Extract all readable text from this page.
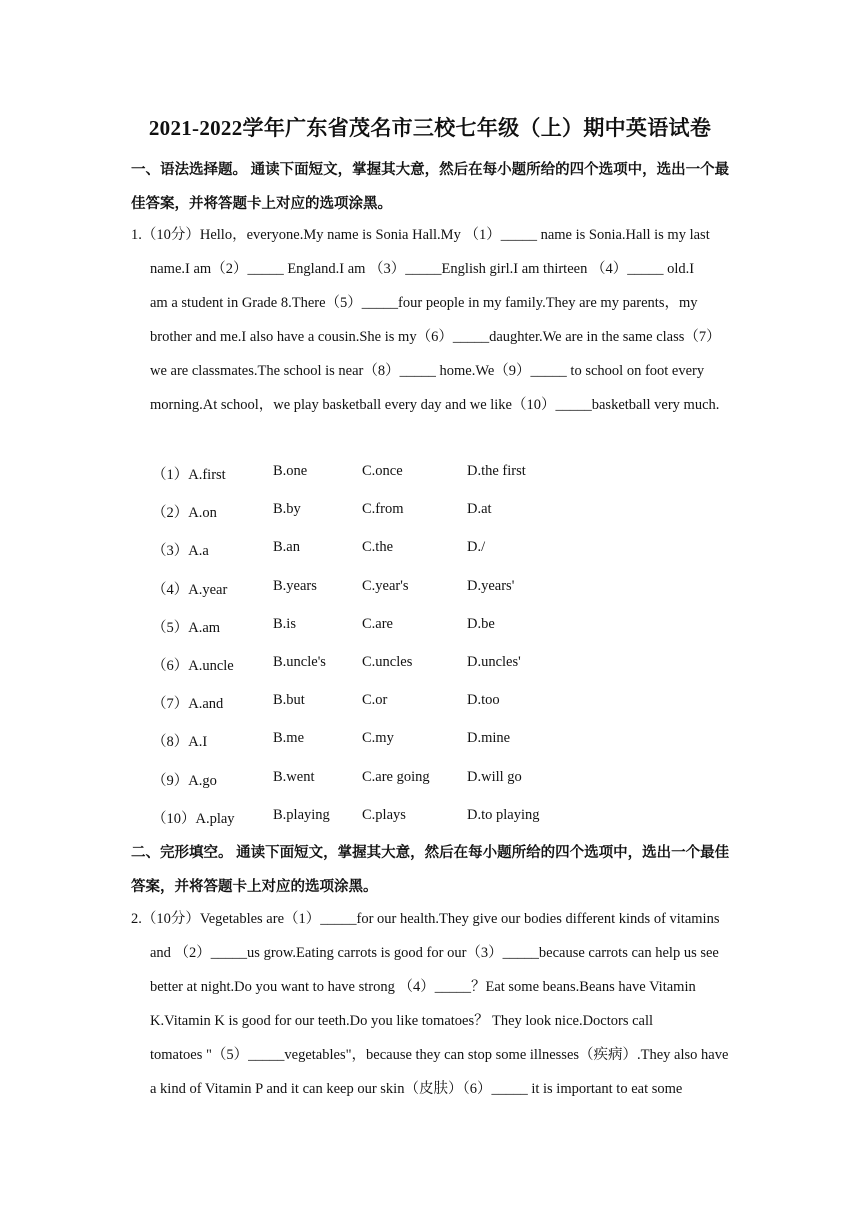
2021-2022学年广东省茂名市三校七年级（上）期中英语试卷
一、语法选择题。 通读下面短文，掌握其大意，然后在每小题所给的四个选项中，选出一个最佳答案，并将答题卡上对应的选项涂黑。
1.（10分）Hello，everyone.My name is Sonia Hall.My （1）_____ name is Sonia.Hall is my last
name.I am（2）_____ England.I am （3）_____English girl.I am thirteen （4）_____ old.I
am a student in Grade 8.There（5）_____four people in my family.They are my parents，my
brother and me.I also have a cousin.She is my（6）_____daughter.We are in the same class（7）
we are classmates.The school is near（8）_____ home.We（9）_____ to school on foot every
morning.At school，we play basketball every day and we like（10）_____basketball very much.
（1）A.first	B.one	C.once	D.the first
（2）A.on	B.by	C.from	D.at
（3）A.a	B.an	C.the	D./
（4）A.year	B.years	C.year's	D.years'
（5）A.am	B.is	C.are	D.be
（6）A.uncle	B.uncle's C.uncles	D.uncles'
（7）A.and	B.but	C.or	D.too
（8）A.I	B.me	C.my	D.mine
（9）A.go	B.went	C.are going	D.will go
（10）A.play	B.playing C.plays	D.to playing
二、完形填空。 通读下面短文，掌握其大意，然后在每小题所给的四个选项中，选出一个最佳答案，并将答题卡上对应的选项涂黑。
2.（10分）Vegetables are（1）_____for our health.They give our bodies different kinds of vitamins
and （2）_____us grow.Eating carrots is good for our（3）_____because carrots can help us see
better at night.Do you want to have strong （4）_____？Eat some beans.Beans have Vitamin
K.Vitamin K is good for our teeth.Do you like tomatoes？ They look nice.Doctors call
tomatoes "（5）_____vegetables"，because they can stop some illnesses（疾病）.They also have
a kind of Vitamin P and it can keep our skin（皮肤）（6）_____ it is important to eat some
